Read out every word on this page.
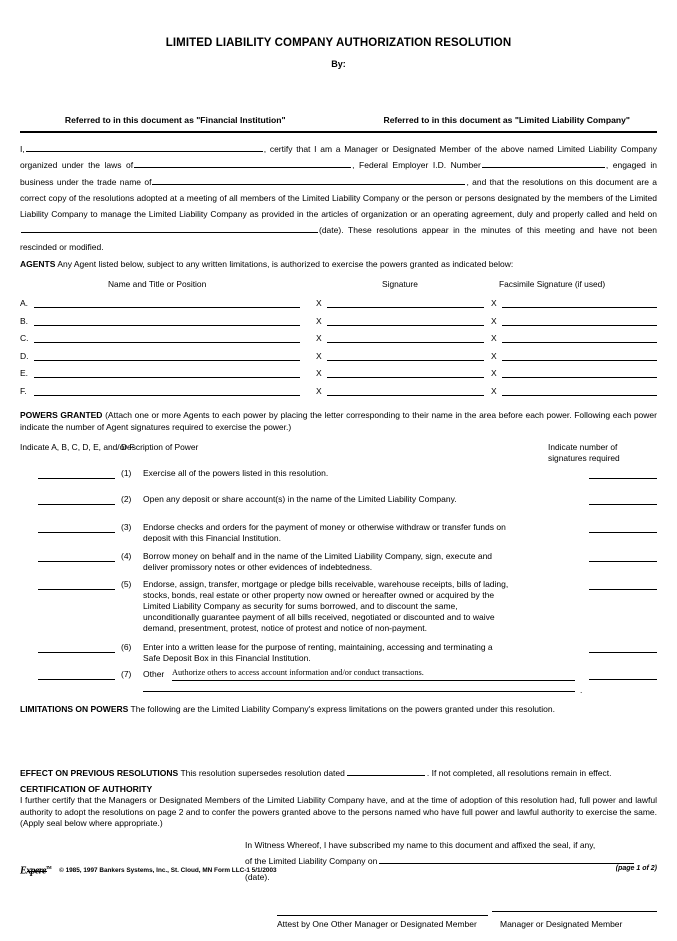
LIMITED LIABILITY COMPANY AUTHORIZATION RESOLUTION
By:
Referred to in this document as "Financial Institution"	Referred to in this document as "Limited Liability Company"
I,	, certify that I am a Manager or Designated Member of the above named Limited Liability Company organized under the laws of	, Federal Employer I.D. Number	, engaged in business under the trade name of	, and that the resolutions on this document are a correct copy of the resolutions adopted at a meeting of all members of the Limited Liability Company or the person or persons designated by the members of the Limited Liability Company to manage the Limited Liability Company as provided in the articles of organization or an operating agreement, duly and properly called and held on(date). These resolutions appear in the minutes of this meeting and have not been rescinded or modified.
AGENTS Any Agent listed below, subject to any written limitations, is authorized to exercise the powers granted as indicated below:
Name and Title or Position	Signature	Facsimile Signature (if used)
A.	X	X
B.	X	X
C.	X	X
D.	X	X
E.	X	X
F.	X	X
POWERS GRANTED (Attach one or more Agents to each power by placing the letter corresponding to their name in the area before each power. Following each power indicate the number of Agent signatures required to exercise the power.)
Indicate A, B, C, D, E, and/or F
Description of Power	Indicate number of signatures required
(1)	Exercise all of the powers listed in this resolution.
(2)	Open any deposit or share account(s) in the name of the Limited Liability Company.
(3)	Endorse checks and orders for the payment of money or otherwise withdraw or transfer funds on deposit with this Financial Institution.
(4)	Borrow money on behalf and in the name of the Limited Liability Company, sign, execute and deliver promissory notes or other evidences of indebtedness.
(5)	Endorse, assign, transfer, mortgage or pledge bills receivable, warehouse receipts, bills of lading, stocks, bonds, real estate or other property now owned or hereafter owned or acquired by the Limited Liability Company as security for sums borrowed, and to discount the same, unconditionally guarantee payment of all bills received, negotiated or discounted and to waive demand, presentment, protest, notice of protest and notice of non-payment.
(6)	Enter into a written lease for the purpose of renting, maintaining, accessing and terminating a Safe Deposit Box in this Financial Institution.
(7)	Other Authorize others to access account information and/or conduct transactions.
.
LIMITATIONS ON POWERS The following are the Limited Liability Company's express limitations on the powers granted under this resolution.
EFFECT ON PREVIOUS RESOLUTIONS This resolution supersedes resolution dated	. If not completed, all resolutions remain in effect.
CERTIFICATION OF AUTHORITY
I further certify that the Managers or Designated Members of the Limited Liability Company have, and at the time of adoption of this resolution had, full power and lawful authority to adopt the resolutions on page 2 and to confer the powers granted above to the persons named who have full power and lawful authority to exercise the same. (Apply seal below where appropriate.)
In Witness Whereof, I have subscribed my name to this document and affixed the seal, if any,
of the Limited Liability Company on(date).
Attest by One Other Manager or Designated Member	Manager or Designated Member
Expere™	© 1985, 1997 Bankers Systems, Inc., St. Cloud, MN Form LLC-1 5/1/2003	(page 1 of 2)
